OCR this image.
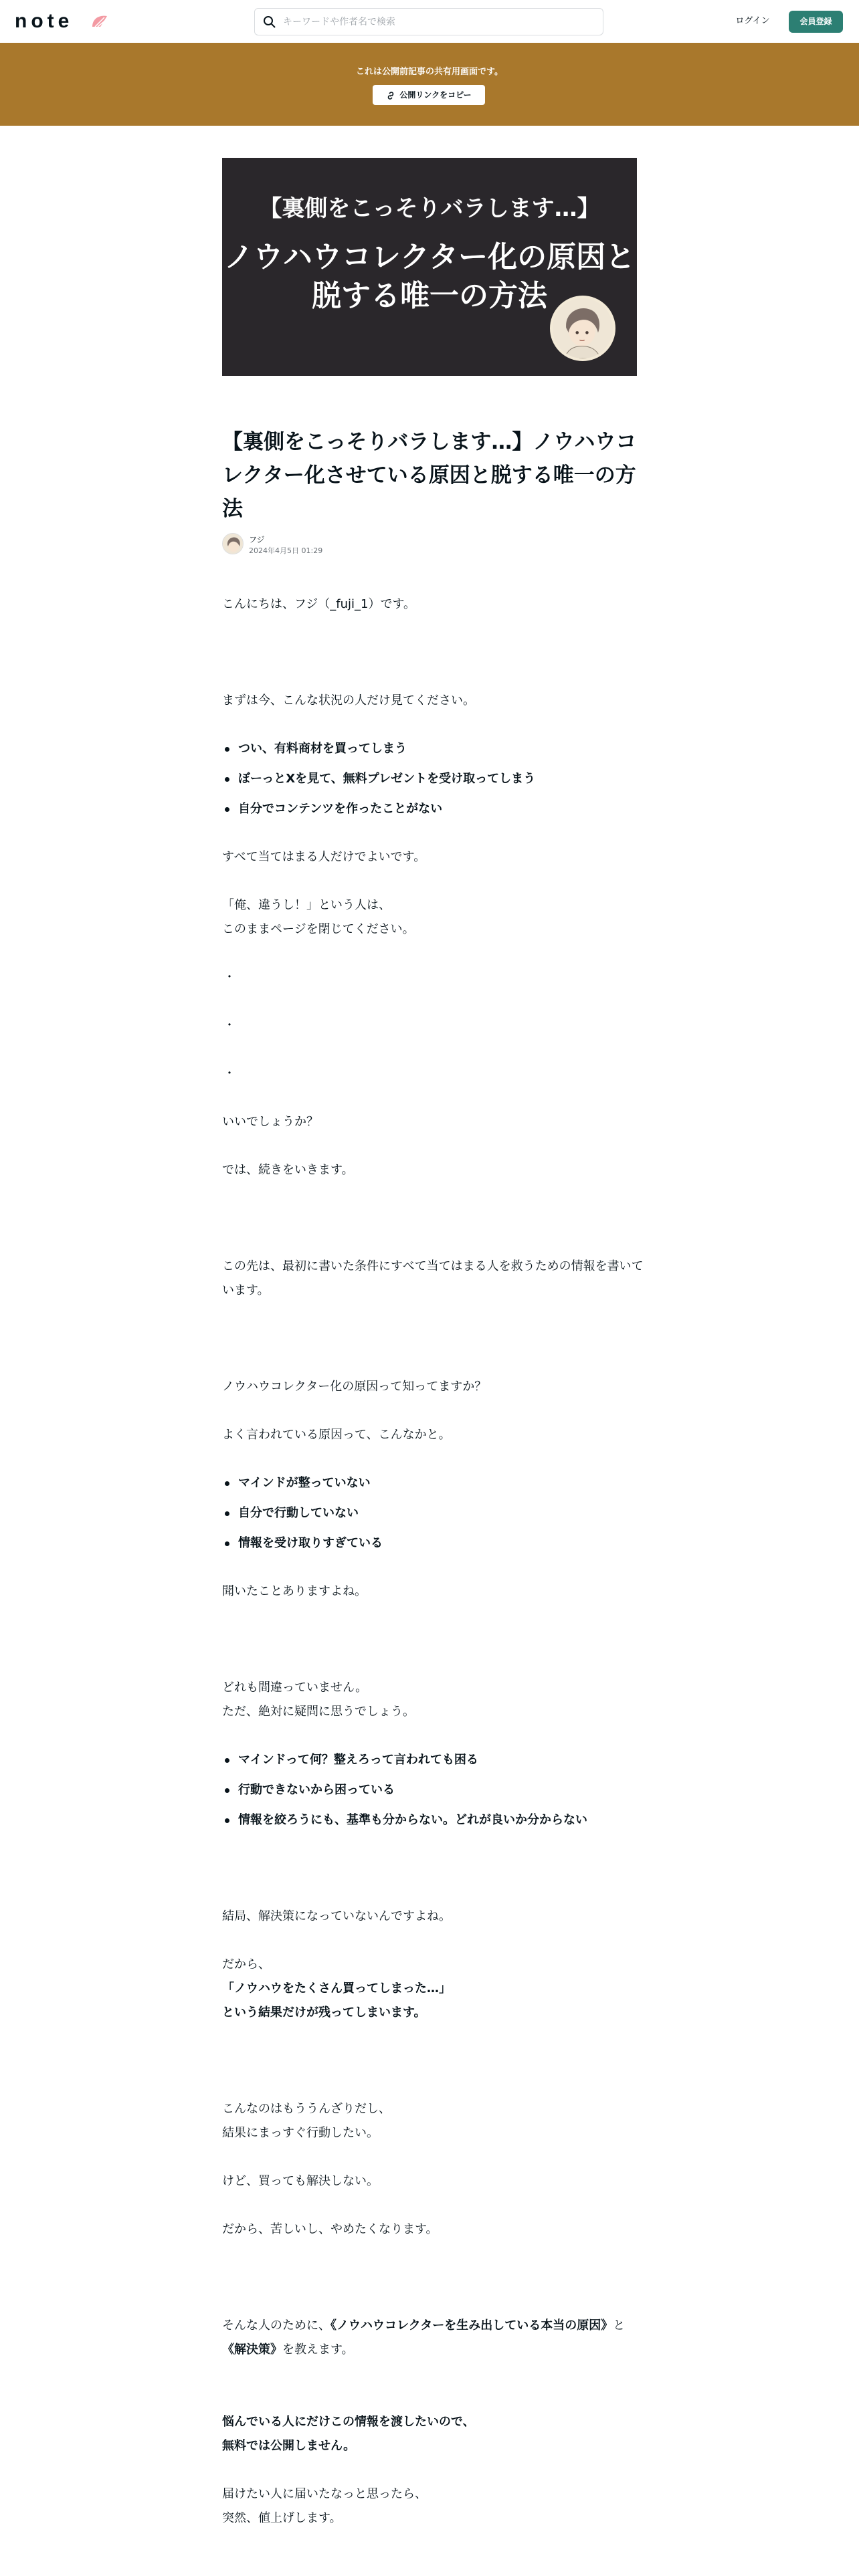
note
キーワードや作者名で検索	ログイン	会員登録
これは公開前記事の共有用画面です。
公開リンクをコピー
【裏側をこっそりバラします…】
ノウハウコレクター化の原因と
脱する唯一の方法
【裏側をこっそりバラします…】ノウハウコレクター化させている原因と脱する唯一の方法
フジ
2024年4月5日 01:29
こんにちは、フジ（_fuji_1）です。
まずは今、こんな状況の人だけ見てください。
つい、有料商材を買ってしまう
ぼーっとXを見て、無料プレゼントを受け取ってしまう
自分でコンテンツを作ったことがない
すべて当てはまる人だけでよいです。
「俺、違うし！」という人は、
このままページを閉じてください。
・
・
・
いいでしょうか？
では、続きをいきます。
この先は、最初に書いた条件にすべて当てはまる人を救うための情報を書いています。
ノウハウコレクター化の原因って知ってますか？
よく言われている原因って、こんなかと。
マインドが整っていない
自分で行動していない
情報を受け取りすぎている
聞いたことありますよね。
どれも間違っていません。
ただ、絶対に疑問に思うでしょう。
マインドって何？整えろって言われても困る
行動できないから困っている
情報を絞ろうにも、基準も分からない。どれが良いか分からない
結局、解決策になっていないんですよね。
だから、
「ノウハウをたくさん買ってしまった…」
という結果だけが残ってしまいます。
こんなのはもううんざりだし、
結果にまっすぐ行動したい。
けど、買っても解決しない。
だから、苦しいし、やめたくなります。
そんな人のために、《ノウハウコレクターを生み出している本当の原因》と
《解決策》を教えます。
悩んでいる人にだけこの情報を渡したいので、
無料では公開しません。
届けたい人に届いたなっと思ったら、
突然、値上げします。
